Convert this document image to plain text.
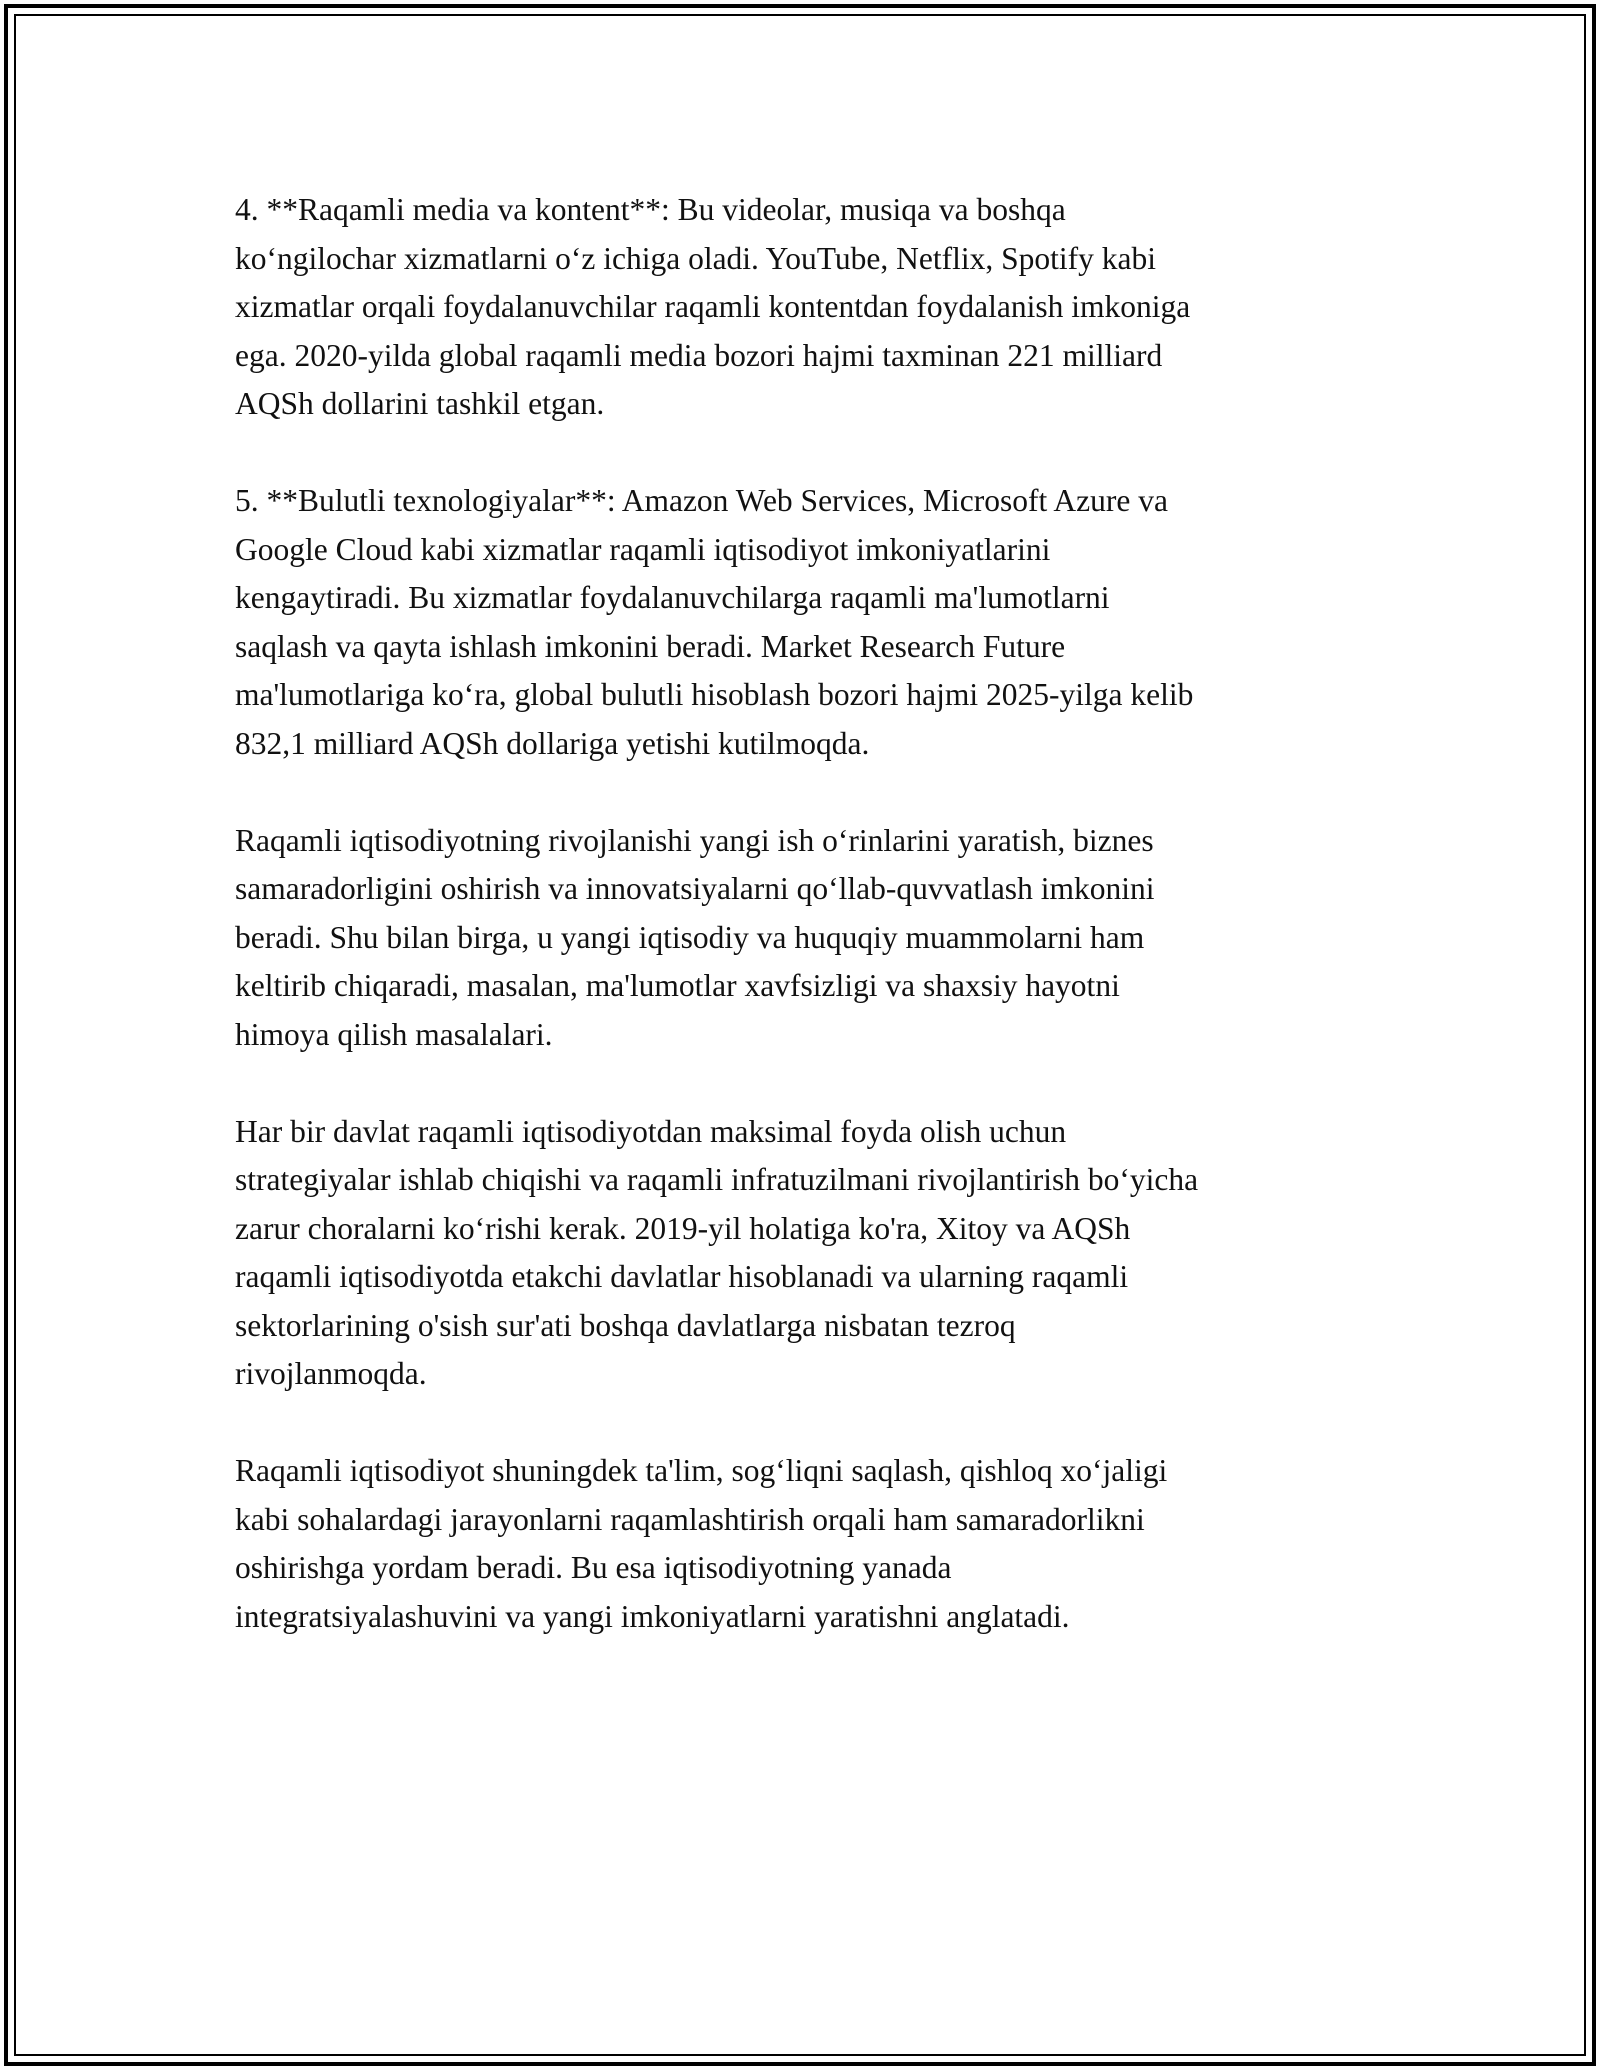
4. **Raqamli media va kontent**: Bu videolar, musiqa va boshqa
ko‘ngilochar xizmatlarni o‘z ichiga oladi. YouTube, Netflix, Spotify kabi
xizmatlar orqali foydalanuvchilar raqamli kontentdan foydalanish imkoniga
ega. 2020-yilda global raqamli media bozori hajmi taxminan 221 milliard
AQSh dollarini tashkil etgan.

5. **Bulutli texnologiyalar**: Amazon Web Services, Microsoft Azure va
Google Cloud kabi xizmatlar raqamli iqtisodiyot imkoniyatlarini
kengaytiradi. Bu xizmatlar foydalanuvchilarga raqamli ma'lumotlarni
saqlash va qayta ishlash imkonini beradi. Market Research Future
ma'lumotlariga ko‘ra, global bulutli hisoblash bozori hajmi 2025-yilga kelib
832,1 milliard AQSh dollariga yetishi kutilmoqda.

Raqamli iqtisodiyotning rivojlanishi yangi ish o‘rinlarini yaratish, biznes
samaradorligini oshirish va innovatsiyalarni qo‘llab-quvvatlash imkonini
beradi. Shu bilan birga, u yangi iqtisodiy va huquqiy muammolarni ham
keltirib chiqaradi, masalan, ma'lumotlar xavfsizligi va shaxsiy hayotni
himoya qilish masalalari.

Har bir davlat raqamli iqtisodiyotdan maksimal foyda olish uchun
strategiyalar ishlab chiqishi va raqamli infratuzilmani rivojlantirish bo‘yicha
zarur choralarni ko‘rishi kerak. 2019-yil holatiga ko'ra, Xitoy va AQSh
raqamli iqtisodiyotda etakchi davlatlar hisoblanadi va ularning raqamli
sektorlarining o'sish sur'ati boshqa davlatlarga nisbatan tezroq
rivojlanmoqda.

Raqamli iqtisodiyot shuningdek ta'lim, sog‘liqni saqlash, qishloq xo‘jaligi
kabi sohalardagi jarayonlarni raqamlashtirish orqali ham samaradorlikni
oshirishga yordam beradi. Bu esa iqtisodiyotning yanada
integratsiyalashuvini va yangi imkoniyatlarni yaratishni anglatadi.
